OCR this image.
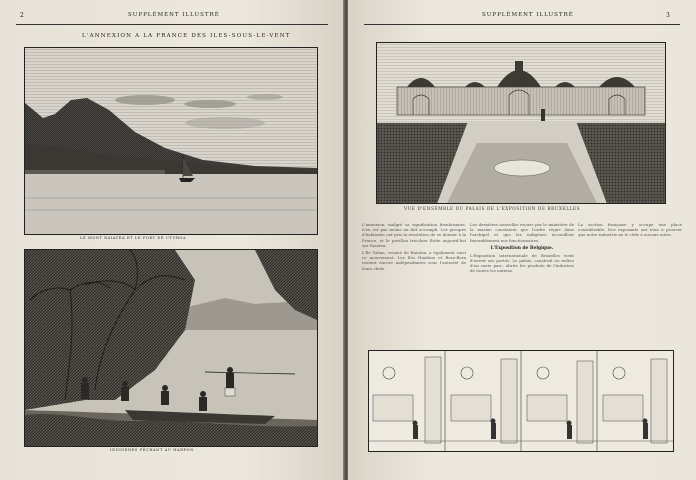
2	SUPPLÉMENT ILLUSTRÉ
L'ANNEXION A LA FRANCE DES ILES-SOUS-LE-VENT
LE MONT RAIATEA ET LE PORT DE UTUROA
INDIGÈNES PÊCHANT AU HARPON
SUPPLÉMENT ILLUSTRÉ	3
VUE D'ENSEMBLE DU PALAIS DE L'EXPOSITION DE BRUXELLES
L'annexion, malgré sa signification bienfaisante, n'en est pas moins un fait accompli. Les groupes d'habitants ont pris la résolution de se donner à la France, et le pavillon tricolore flotte aujourd'hui sur Raiatea.
L'île Tahaa, voisine de Raiatea, a également suivi ce mouvement. Les îles Huahine et Bora-Bora restent encore indépendantes sous l'autorité de leurs chefs.
Les dernières nouvelles reçues par le ministère de la marine constatent que l'ordre règne dans l'archipel et que les indigènes accueillent favorablement nos fonctionnaires.
L'Exposition de Belgique.
L'Exposition internationale de Bruxelles vient d'ouvrir ses portes. Le palais, construit au milieu d'un vaste parc, abrite les produits de l'industrie de toutes les nations.
La section française y occupe une place considérable. Nos exposants ont tenu à prouver que notre industrie ne le cède à aucune autre.
